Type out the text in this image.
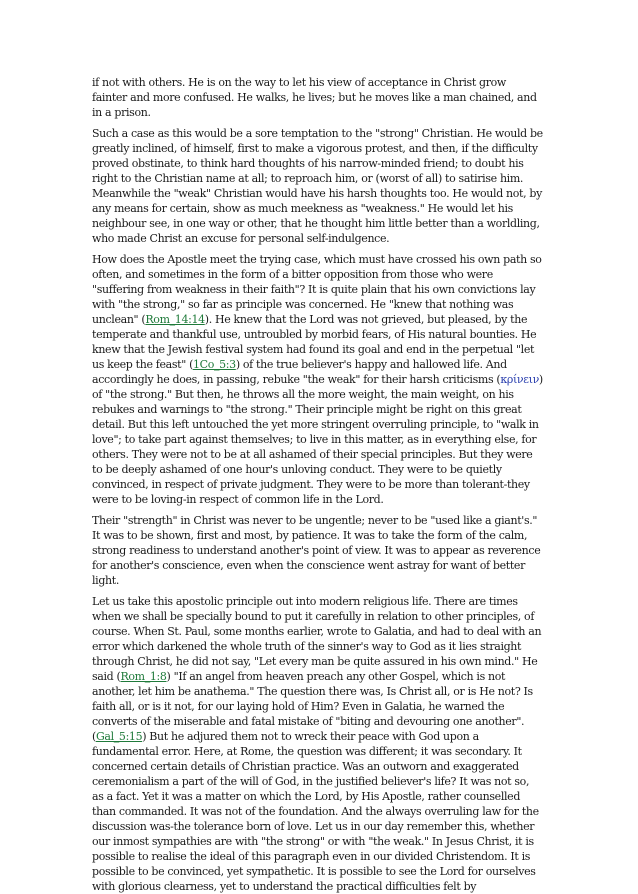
if not with others. He is on the way to let his view of acceptance in Christ grow fainter and more confused. He walks, he lives; but he moves like a man chained, and in a prison.

Such a case as this would be a sore temptation to the "strong" Christian. He would be greatly inclined, of himself, first to make a vigorous protest, and then, if the difficulty proved obstinate, to think hard thoughts of his narrow-minded friend; to doubt his right to the Christian name at all; to reproach him, or (worst of all) to satirise him. Meanwhile the "weak" Christian would have his harsh thoughts too. He would not, by any means for certain, show as much meekness as "weakness." He would let his neighbour see, in one way or other, that he thought him little better than a worldling, who made Christ an excuse for personal self-indulgence.

How does the Apostle meet the trying case, which must have crossed his own path so often, and sometimes in the form of a bitter opposition from those who were "suffering from weakness in their faith"? It is quite plain that his own convictions lay with "the strong," so far as principle was concerned. He "knew that nothing was unclean" (Rom_14:14). He knew that the Lord was not grieved, but pleased, by the temperate and thankful use, untroubled by morbid fears, of His natural bounties. He knew that the Jewish festival system had found its goal and end in the perpetual "let us keep the feast" (1Co_5:3) of the true believer's happy and hallowed life. And accordingly he does, in passing, rebuke "the weak" for their harsh criticisms (κρίνειν) of "the strong." But then, he throws all the more weight, the main weight, on his rebukes and warnings to "the strong." Their principle might be right on this great detail. But this left untouched the yet more stringent overruling principle, to "walk in love"; to take part against themselves; to live in this matter, as in everything else, for others. They were not to be at all ashamed of their special principles. But they were to be deeply ashamed of one hour's unloving conduct. They were to be quietly convinced, in respect of private judgment. They were to be more than tolerant-they were to be loving-in respect of common life in the Lord.

Their "strength" in Christ was never to be ungentle; never to be "used like a giant's." It was to be shown, first and most, by patience. It was to take the form of the calm, strong readiness to understand another's point of view. It was to appear as reverence for another's conscience, even when the conscience went astray for want of better light.

Let us take this apostolic principle out into modern religious life. There are times when we shall be specially bound to put it carefully in relation to other principles, of course. When St. Paul, some months earlier, wrote to Galatia, and had to deal with an error which darkened the whole truth of the sinner's way to God as it lies straight through Christ, he did not say, "Let every man be quite assured in his own mind." He said (Rom_1:8) "If an angel from heaven preach any other Gospel, which is not another, let him be anathema." The question there was, Is Christ all, or is He not? Is faith all, or is it not, for our laying hold of Him? Even in Galatia, he warned the converts of the miserable and fatal mistake of "biting and devouring one another". (Gal_5:15) But he adjured them not to wreck their peace with God upon a fundamental error. Here, at Rome, the question was different; it was secondary. It concerned certain details of Christian practice. Was an outworn and exaggerated ceremonialism a part of the will of God, in the justified believer's life? It was not so, as a fact. Yet it was a matter on which the Lord, by His Apostle, rather counselled than commanded. It was not of the foundation. And the always overruling law for the discussion was-the tolerance born of love. Let us in our day remember this, whether our inmost sympathies are with "the strong" or with "the weak." In Jesus Christ, it is possible to realise the ideal of this paragraph even in our divided Christendom. It is possible to be convinced, yet sympathetic. It is possible to see the Lord for ourselves with glorious clearness, yet to understand the practical difficulties felt by
